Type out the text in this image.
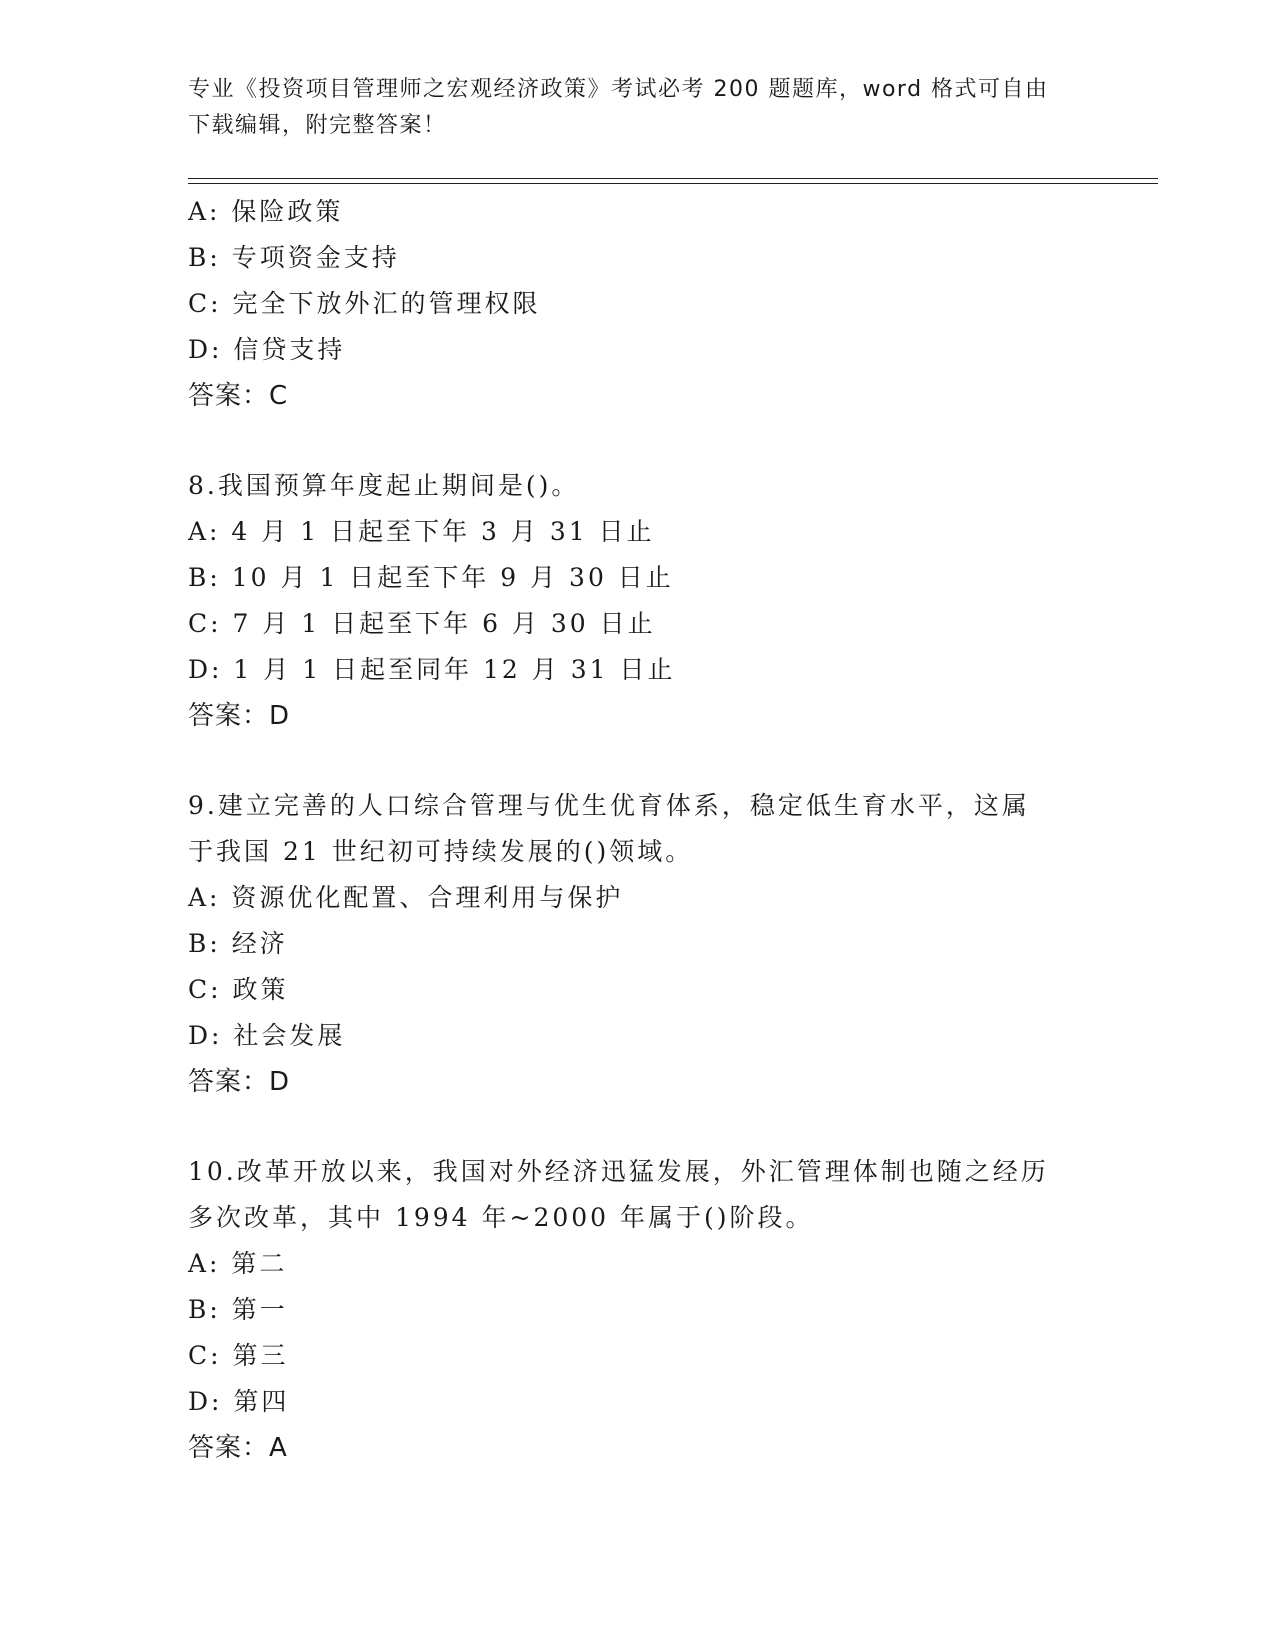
专业《投资项目管理师之宏观经济政策》考试必考 200 题题库，word 格式可自由
下载编辑，附完整答案！
A: 保险政策
B: 专项资金支持
C: 完全下放外汇的管理权限
D: 信贷支持
答案：C
8.我国预算年度起止期间是()。
A: 4 月 1 日起至下年 3 月 31 日止
B: 10 月 1 日起至下年 9 月 30 日止
C: 7 月 1 日起至下年 6 月 30 日止
D: 1 月 1 日起至同年 12 月 31 日止
答案：D
9.建立完善的人口综合管理与优生优育体系，稳定低生育水平，这属
于我国 21 世纪初可持续发展的()领域。
A: 资源优化配置、合理利用与保护
B: 经济
C: 政策
D: 社会发展
答案：D
10.改革开放以来，我国对外经济迅猛发展，外汇管理体制也随之经历
多次改革，其中 1994 年~2000 年属于()阶段。
A: 第二
B: 第一
C: 第三
D: 第四
答案：A
